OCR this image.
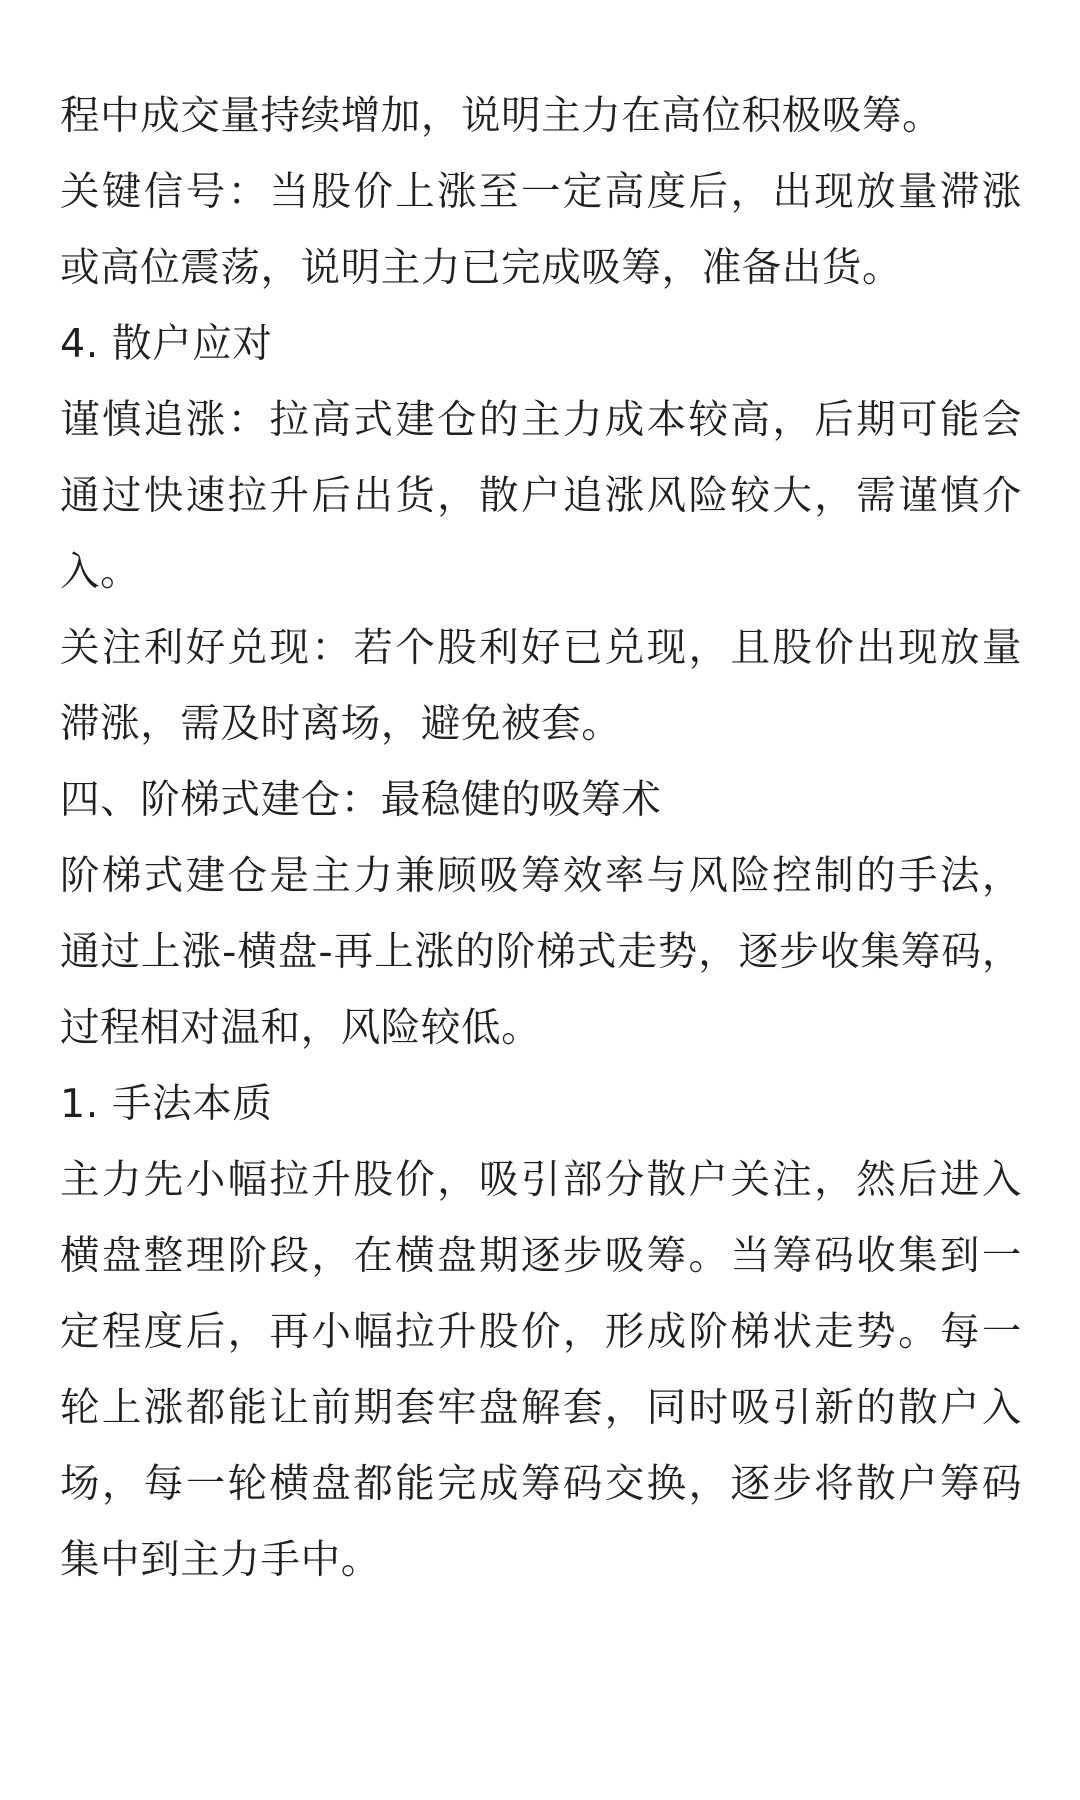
程中成交量持续增加，说明主力在高位积极吸筹。

关键信号：当股价上涨至一定高度后，出现放量滞涨或高位震荡，说明主力已完成吸筹，准备出货。

4. 散户应对

谨慎追涨：拉高式建仓的主力成本较高，后期可能会通过快速拉升后出货，散户追涨风险较大，需谨慎介入。

关注利好兑现：若个股利好已兑现，且股价出现放量滞涨，需及时离场，避免被套。

四、阶梯式建仓：最稳健的吸筹术

阶梯式建仓是主力兼顾吸筹效率与风险控制的手法，通过上涨-横盘-再上涨的阶梯式走势，逐步收集筹码，过程相对温和，风险较低。

1. 手法本质

主力先小幅拉升股价，吸引部分散户关注，然后进入横盘整理阶段，在横盘期逐步吸筹。当筹码收集到一定程度后，再小幅拉升股价，形成阶梯状走势。每一轮上涨都能让前期套牢盘解套，同时吸引新的散户入场，每一轮横盘都能完成筹码交换，逐步将散户筹码集中到主力手中。
